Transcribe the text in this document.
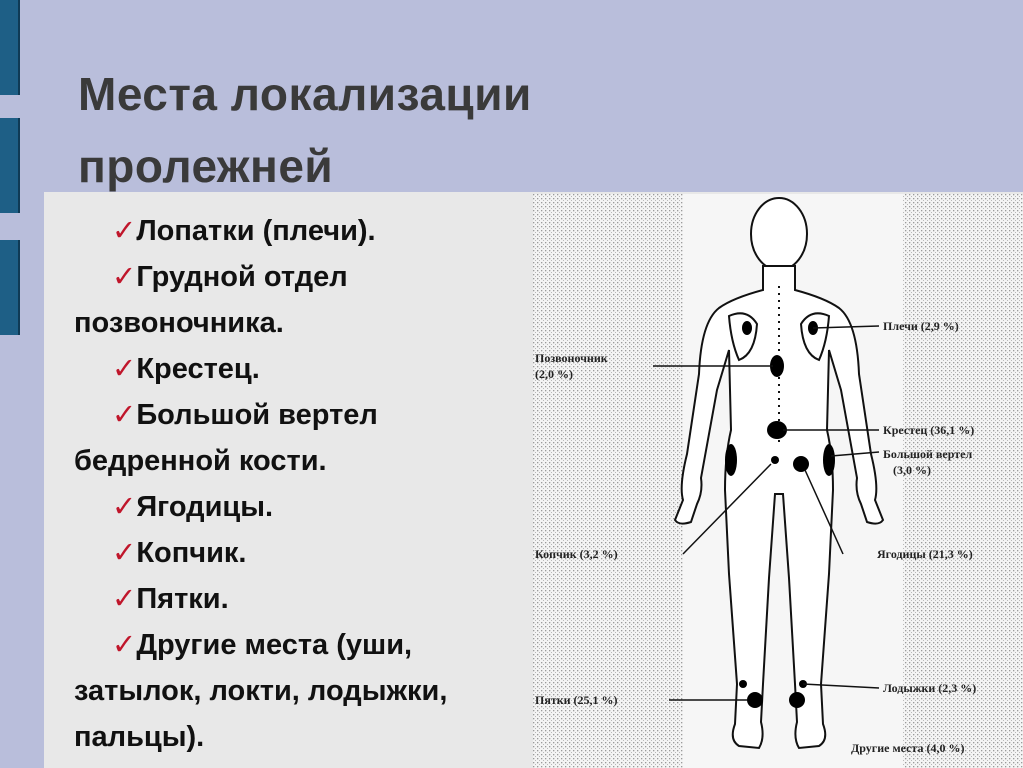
Места локализации
пролежней
✓Лопатки (плечи).
✓Грудной отдел
позвоночника.
✓Крестец.
✓Большой вертел
бедренной кости.
✓Ягодицы.
✓Копчик.
✓Пятки.
✓Другие места (уши,
затылок, локти, лодыжки,
пальцы).
Плечи (2,9 %)
Позвоночник
(2,0 %)
Крестец (36,1 %)
Большой вертел
(3,0 %)
Копчик (3,2 %)	Ягодицы (21,3 %)
Лодыжки (2,3 %)
Пятки (25,1 %)
Другие места (4,0 %)
